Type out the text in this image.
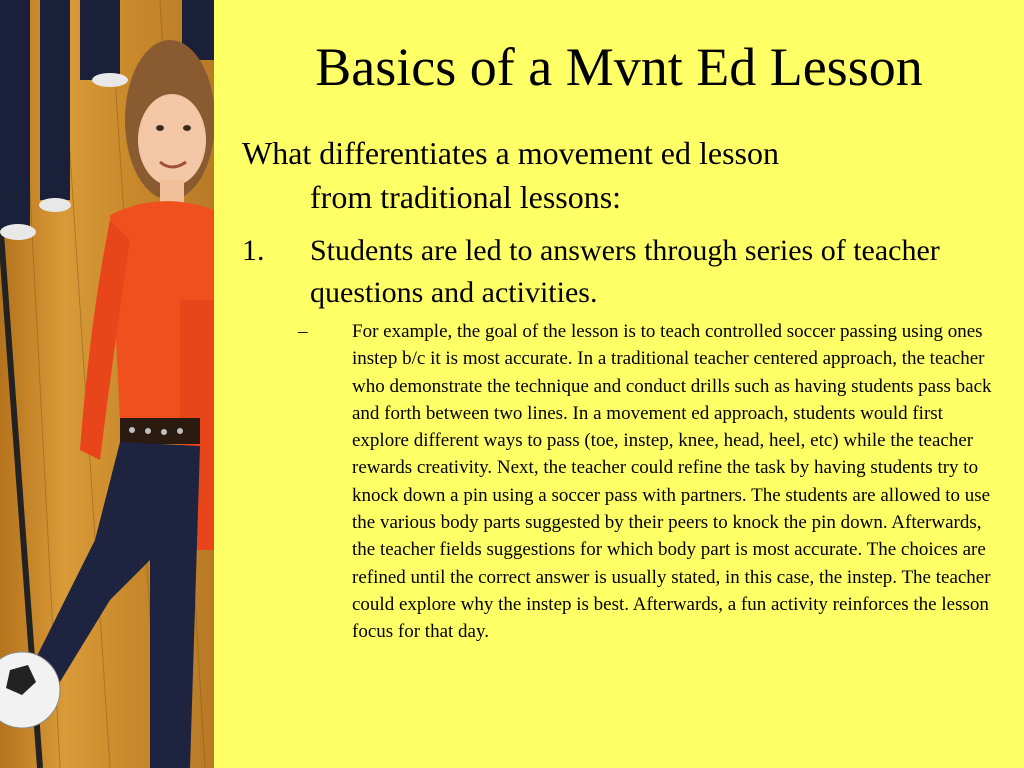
Basics of a Mvnt Ed Lesson

What differentiates a movement ed lesson
from traditional lessons:

1.	Students are led to answers through series of teacher questions and activities.
–	For example, the goal of the lesson is to teach controlled soccer passing using ones instep b/c it is most accurate. In a traditional teacher centered approach, the teacher who demonstrate the technique and conduct drills such as having students pass back and forth between two lines. In a movement ed approach, students would first explore different ways to pass (toe, instep, knee, head, heel, etc) while the teacher rewards creativity. Next, the teacher could refine the task by having students try to knock down a pin using a soccer pass with partners. The students are allowed to use the various body parts suggested by their peers to knock the pin down. Afterwards, the teacher fields suggestions for which body part is most accurate. The choices are refined until the correct answer is usually stated, in this case, the instep. The teacher could explore why the instep is best. Afterwards, a fun activity reinforces the lesson focus for that day.
